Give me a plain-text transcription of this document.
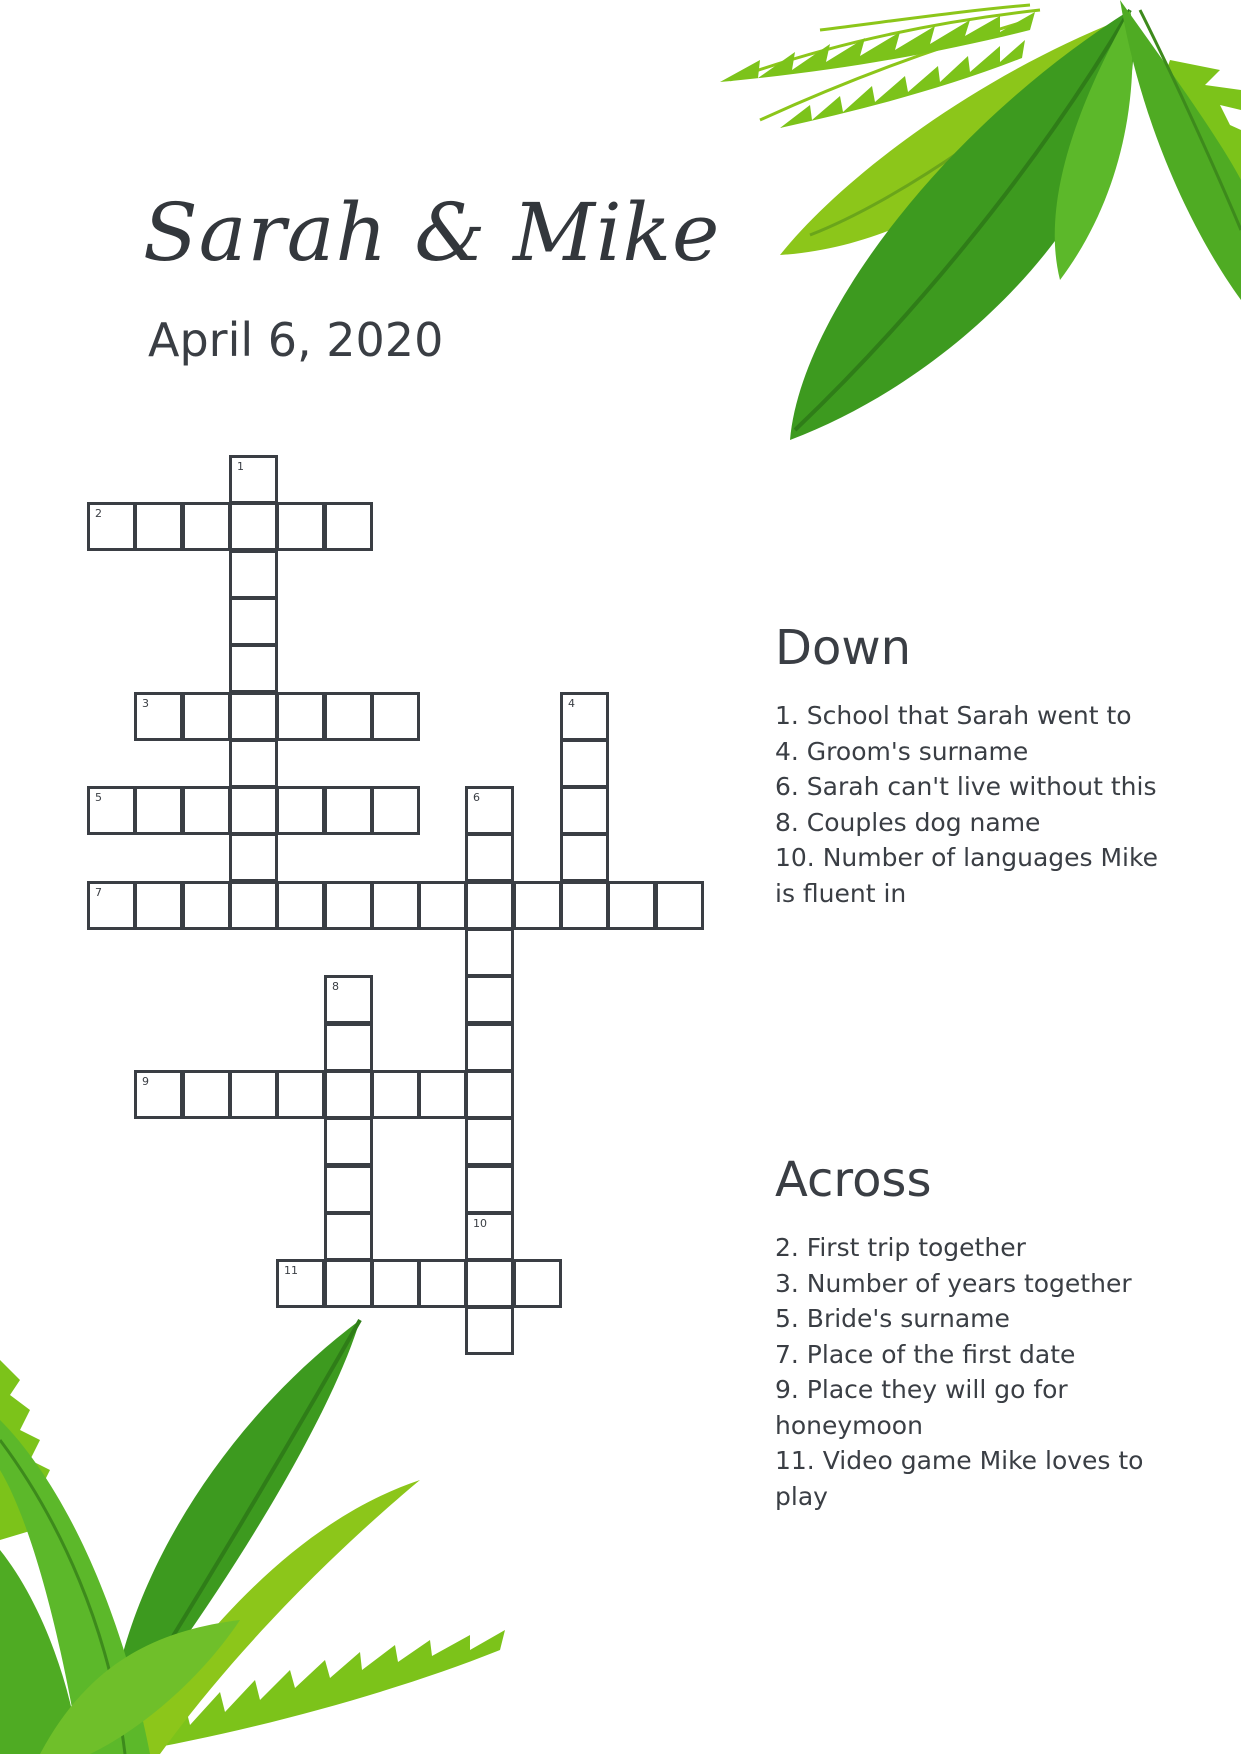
Sarah & Mike
April 6, 2020
1
2
3	4
5	6
7
8
9
10
11
Down
1. School that Sarah went to
4. Groom's surname
6. Sarah can't live without this
8. Couples dog name
10. Number of languages Mike is fluent in
Across
2. First trip together
3. Number of years together
5. Bride's surname
7. Place of the first date
9. Place they will go for honeymoon
11. Video game Mike loves to play
